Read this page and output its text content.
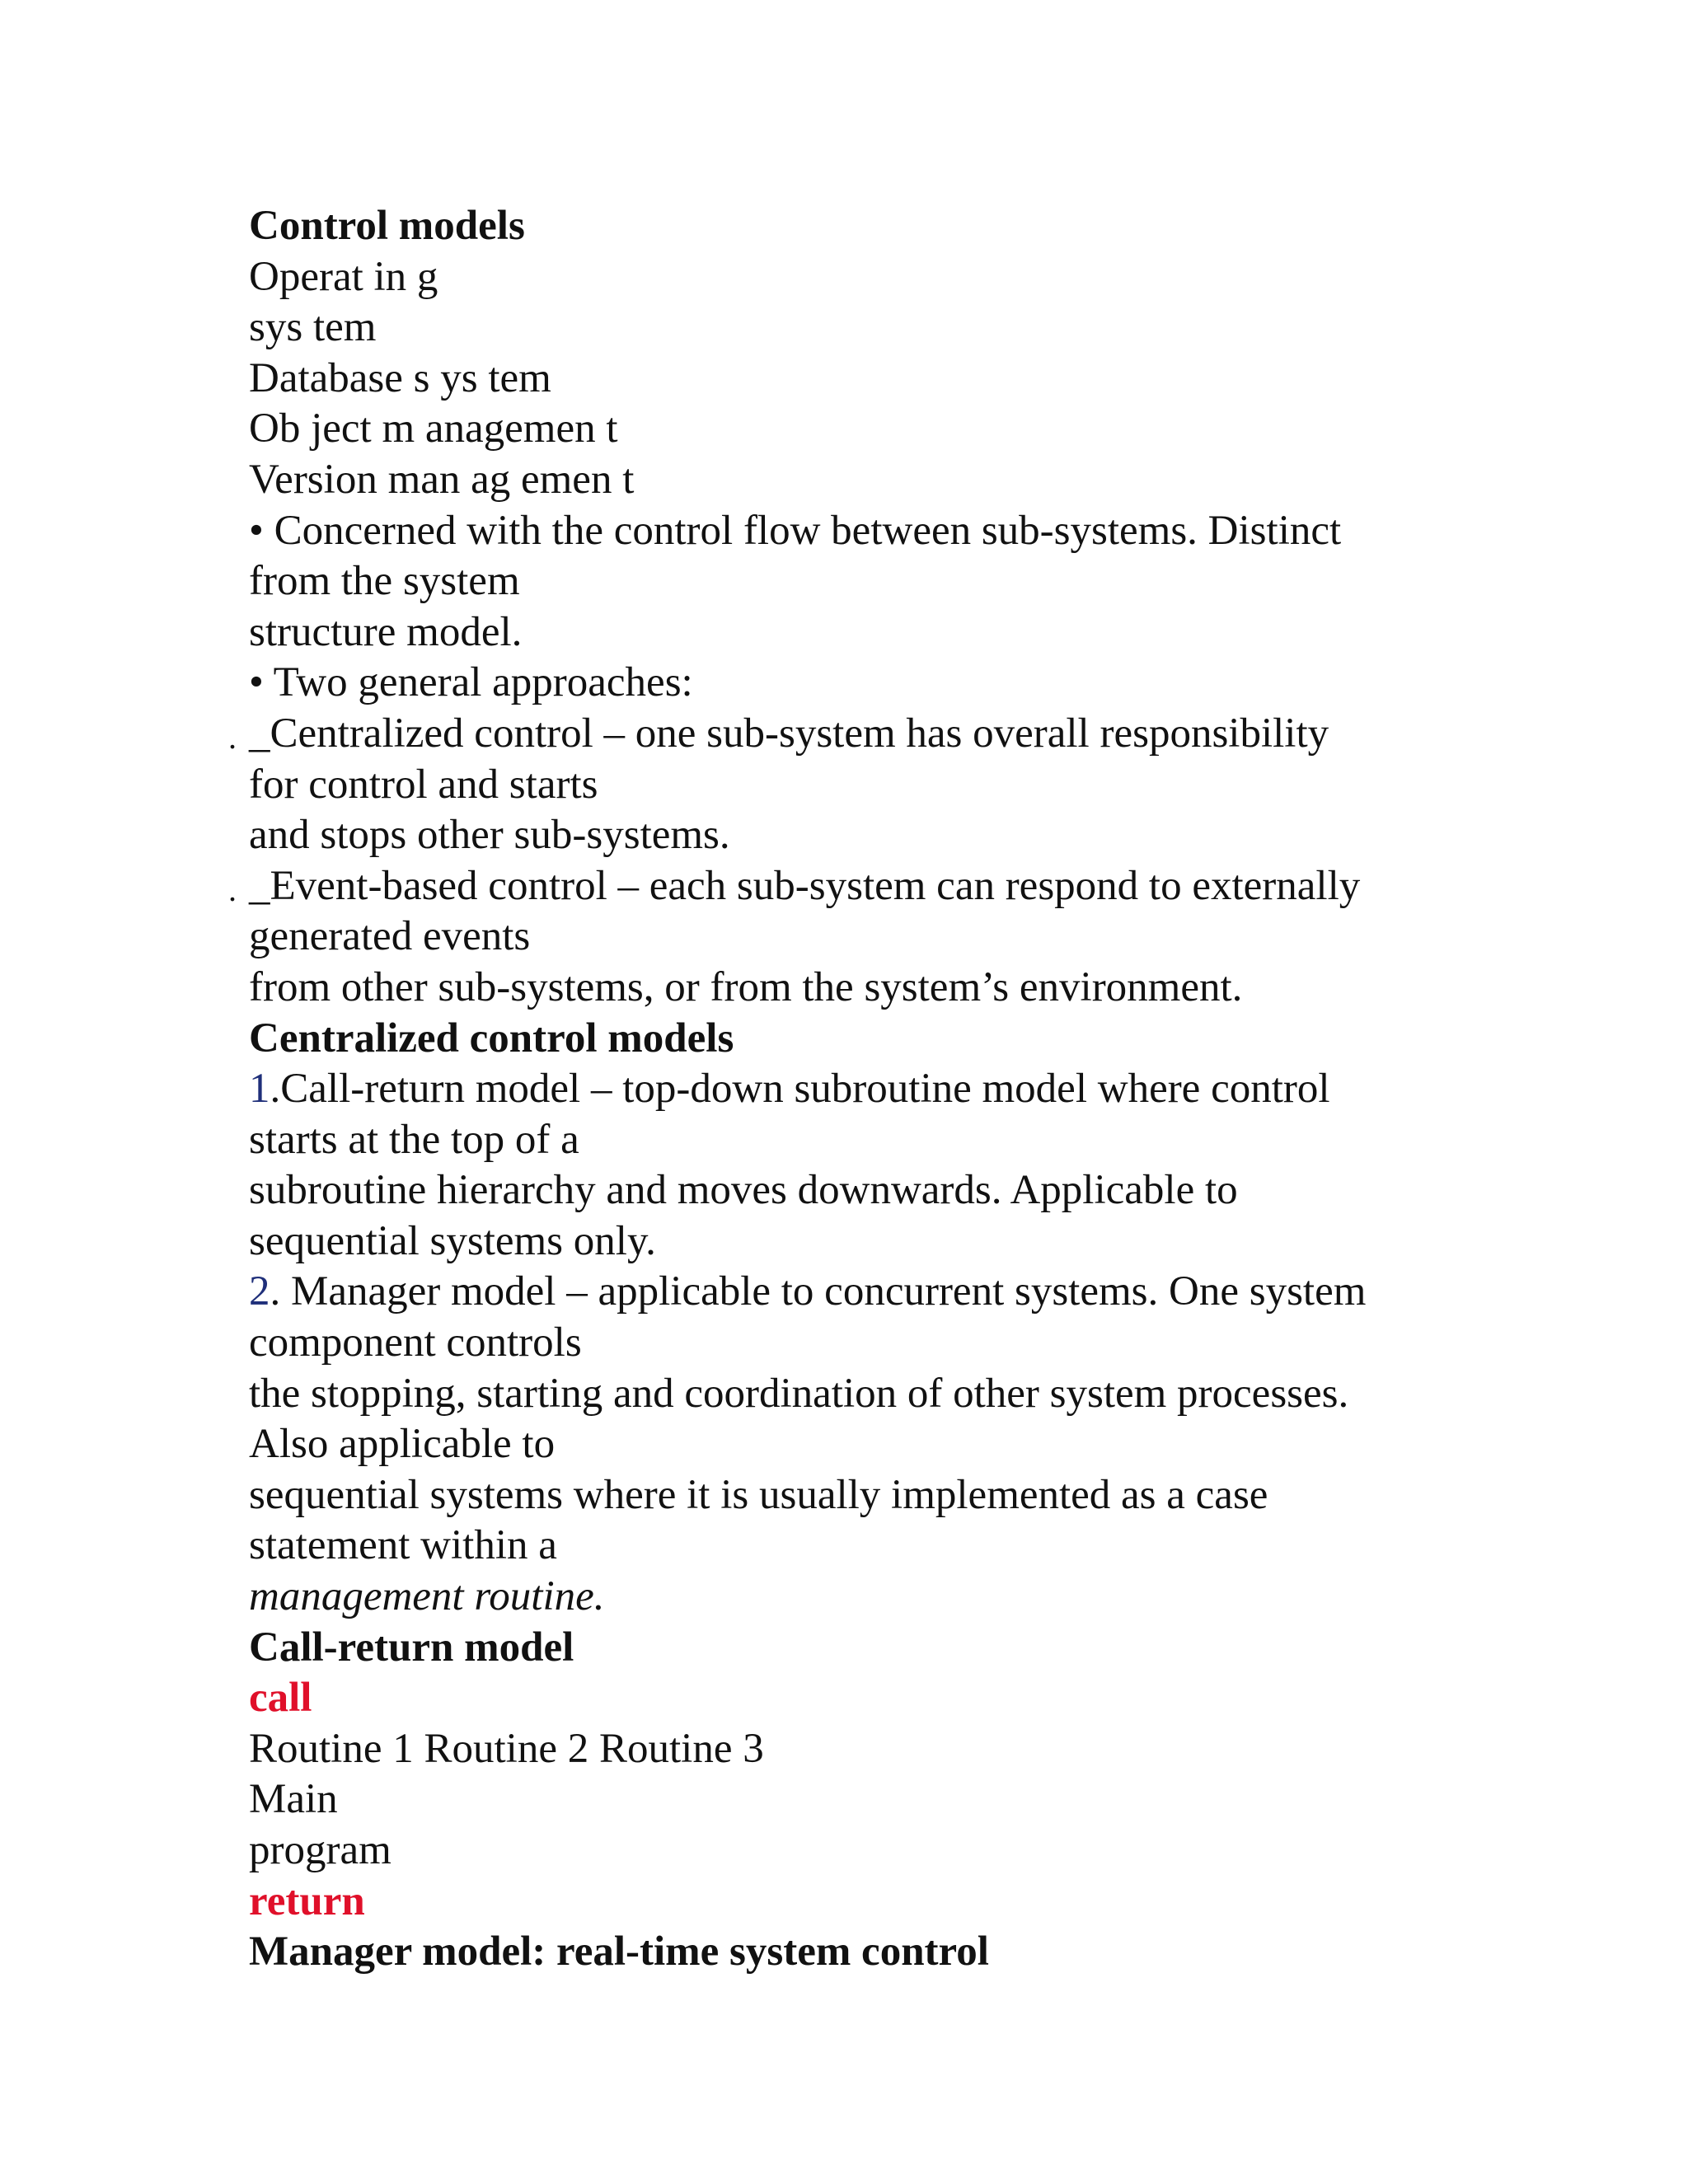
Control models
Operat in g
sys tem
Database s ys tem
Ob ject m anagemen t
Version man ag emen t
• Concerned with the control flow between sub-systems. Distinct
from the system
structure model.
• Two general approaches:
. _Centralized control – one sub-system has overall responsibility
for control and starts
and stops other sub-systems.
. _Event-based control – each sub-system can respond to externally
generated events
from other sub-systems, or from the system’s environment.
Centralized control models
1.Call-return model – top-down subroutine model where control
starts at the top of a
subroutine hierarchy and moves downwards. Applicable to
sequential systems only.
2. Manager model – applicable to concurrent systems. One system
component controls
the stopping, starting and coordination of other system processes.
Also applicable to
sequential systems where it is usually implemented as a case
statement within a
management routine.
Call-return model
call
Routine 1 Routine 2 Routine 3
Main
program
return
Manager model: real-time system control
